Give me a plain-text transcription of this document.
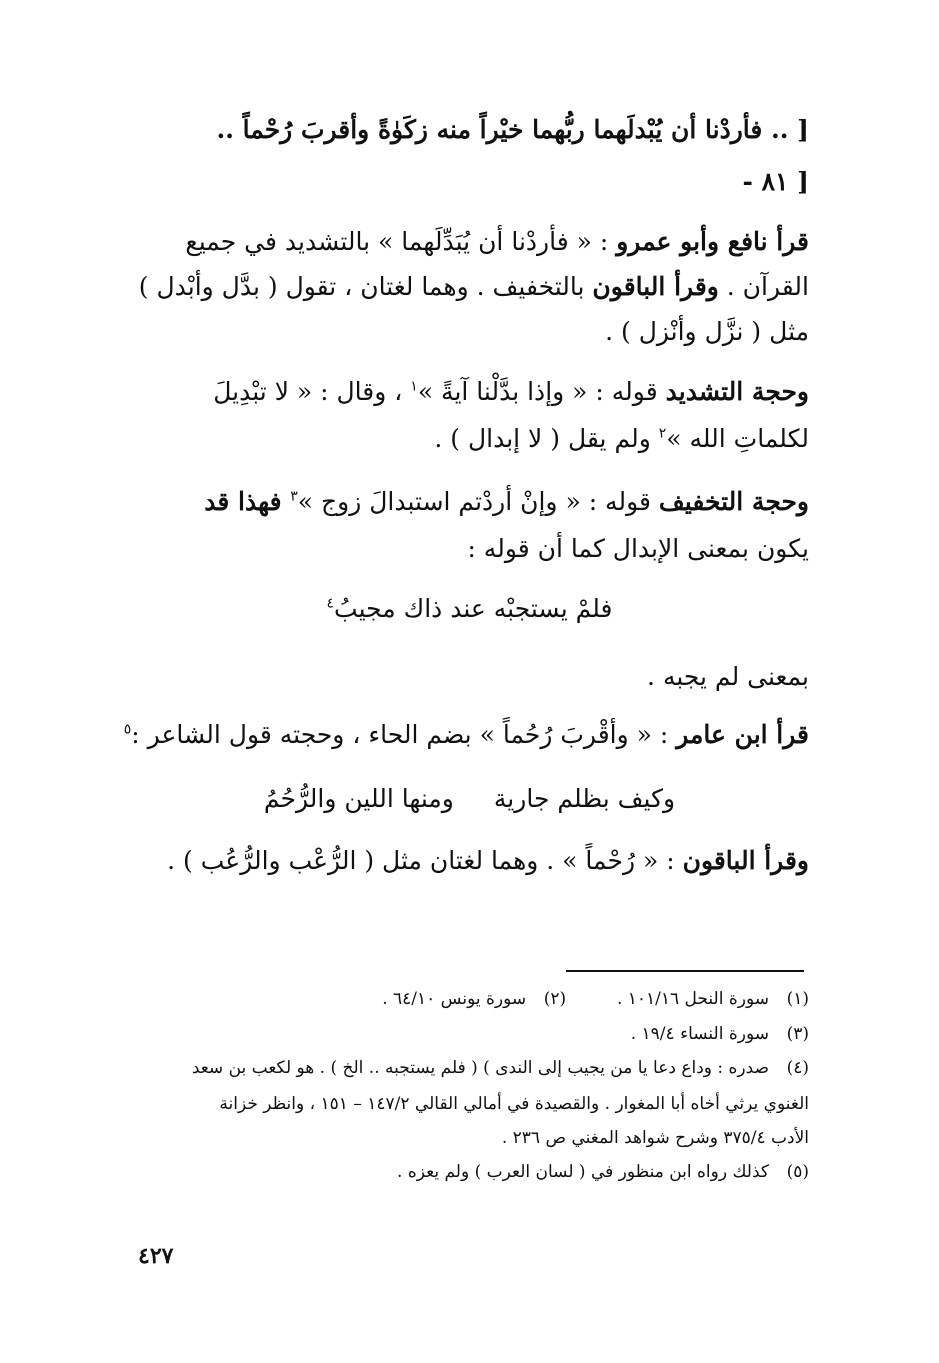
[ .. فأردْنا أن يُبْدلَهما ربُّهما خيْراً منه زكَوٰةً وأقربَ رُحْماً ..
[ ٨١ -
قرأ نافع وأبو عمرو : « فأردْنا أن يُبَدِّلَهما » بالتشديد في جميع
القرآن . وقرأ الباقون بالتخفيف . وهما لغتان ، تقول ( بدَّل وأبْدل )
مثل ( نزَّل وأنْزل ) .
وحجة التشديد قوله : « وإذا بدَّلْنا آيةً »$^١$ ، وقال : « لا تبْدِيلَ
لكلماتِ الله »$^٢$ ولم يقل ( لا إبدال ) .
وحجة التخفيف قوله : « وإنْ أردْتم استبدالَ زوج »$^٣$ فهذا قد
يكون بمعنى الإبدال كما أن قوله :
فلمْ يستجبْه عند ذاك مجيبُ$^٤$
بمعنى لم يجبه .
قرأ ابن عامر : « وأقْربَ رُحُماً » بضم الحاء ، وحجته قول الشاعر :$^٥$
وكيف بظلم جاريةومنها اللين والرُّحُمُ
وقرأ الباقون : « رُحْماً » . وهما لغتان مثل ( الرُّعْب والرُّعُب ) .
(١)سورة النحل ١٠١/١٦ .  (٢)سورة يونس ٦٤/١٠ .
(٣)سورة النساء ١٩/٤ .
(٤)صدره : وداع دعا يا من يجيب إلى الندى ) ( فلم يستجبه .. الخ ) . هو لكعب بن سعد
الغنوي يرثي أخاه أبا المغوار . والقصيدة في أمالي القالي ١٤٧/٢ – ١٥١ ، وانظر خزانة
الأدب ٣٧٥/٤ وشرح شواهد المغني ص ٢٣٦ .
(٥)كذلك رواه ابن منظور في ( لسان العرب ) ولم يعزه .
٤٢٧
